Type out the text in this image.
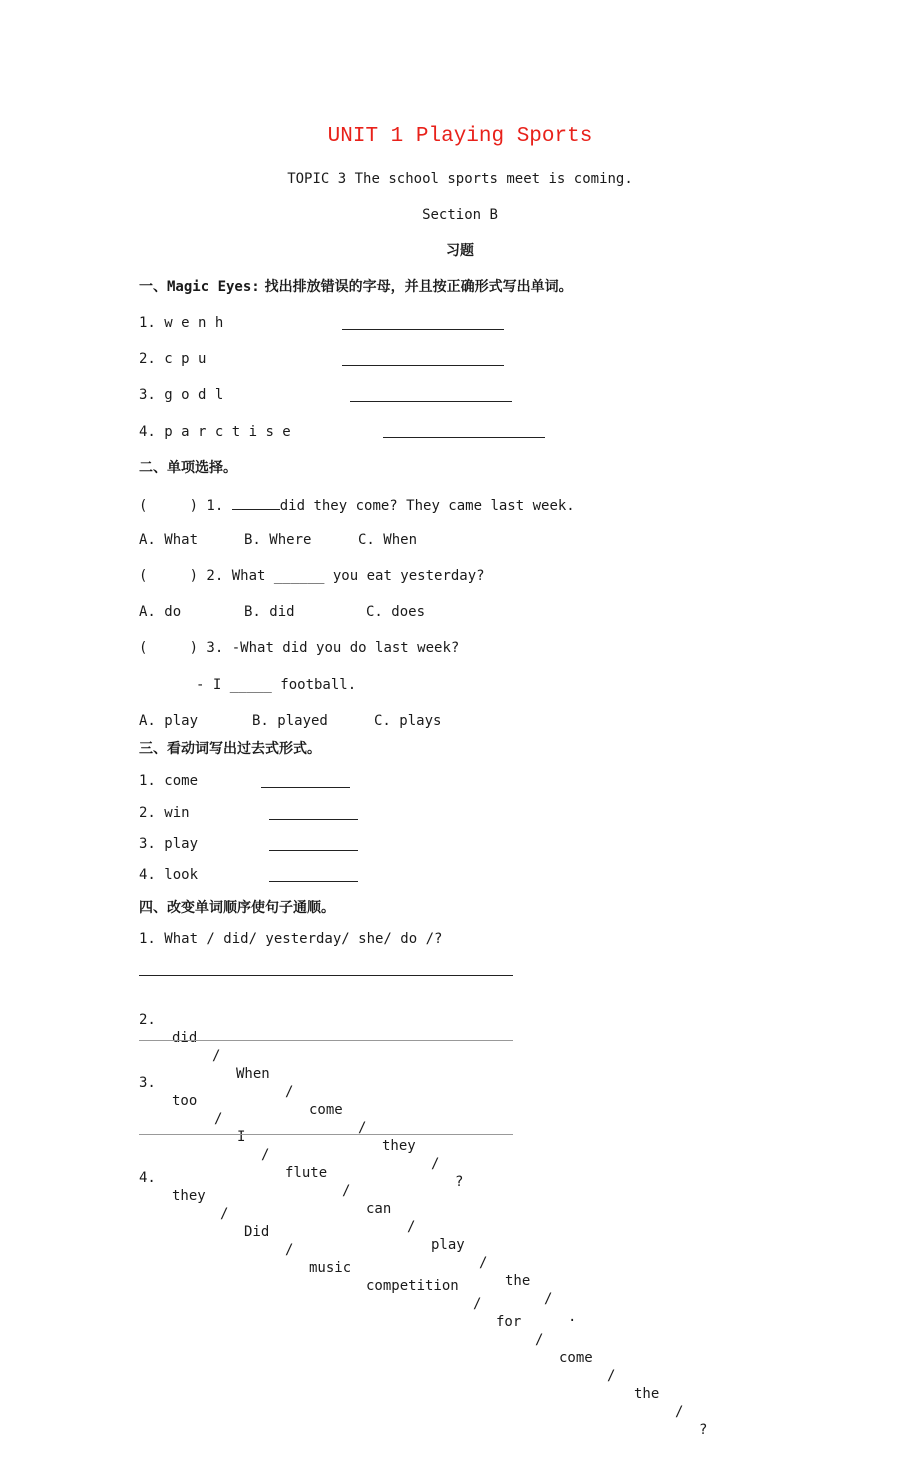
UNIT 1 Playing Sports
TOPIC 3 The school sports meet is coming.
Section B
习题
一、Magic Eyes: 找出排放错误的字母，并且按正确形式写出单词。
1. w e n h
2. c p u
3. g o d l
4. p a r c t i s e
二、单项选择。
(     ) 1.	did they come? They came last week.
A. What	B. Where	C. When
(     ) 2. What ______ you eat yesterday?
A. do	B. did	C. does
(     ) 3. -What did you do last week?
- I _____ football.
A. play	B. played	C. plays
三、看动词写出过去式形式。
1. come
2. win
3. play
4. look
四、改变单词顺序使句子通顺。
1. What / did/ yesterday/ she/ do /?

2.

did

/

When

/

come

/

they

/

?

3.

too

/

I

/

flute

/

can

/

play

/

the

/

.

4.

they

/

Did

/

music

competition

/

for

/

come

/

the

/

?
